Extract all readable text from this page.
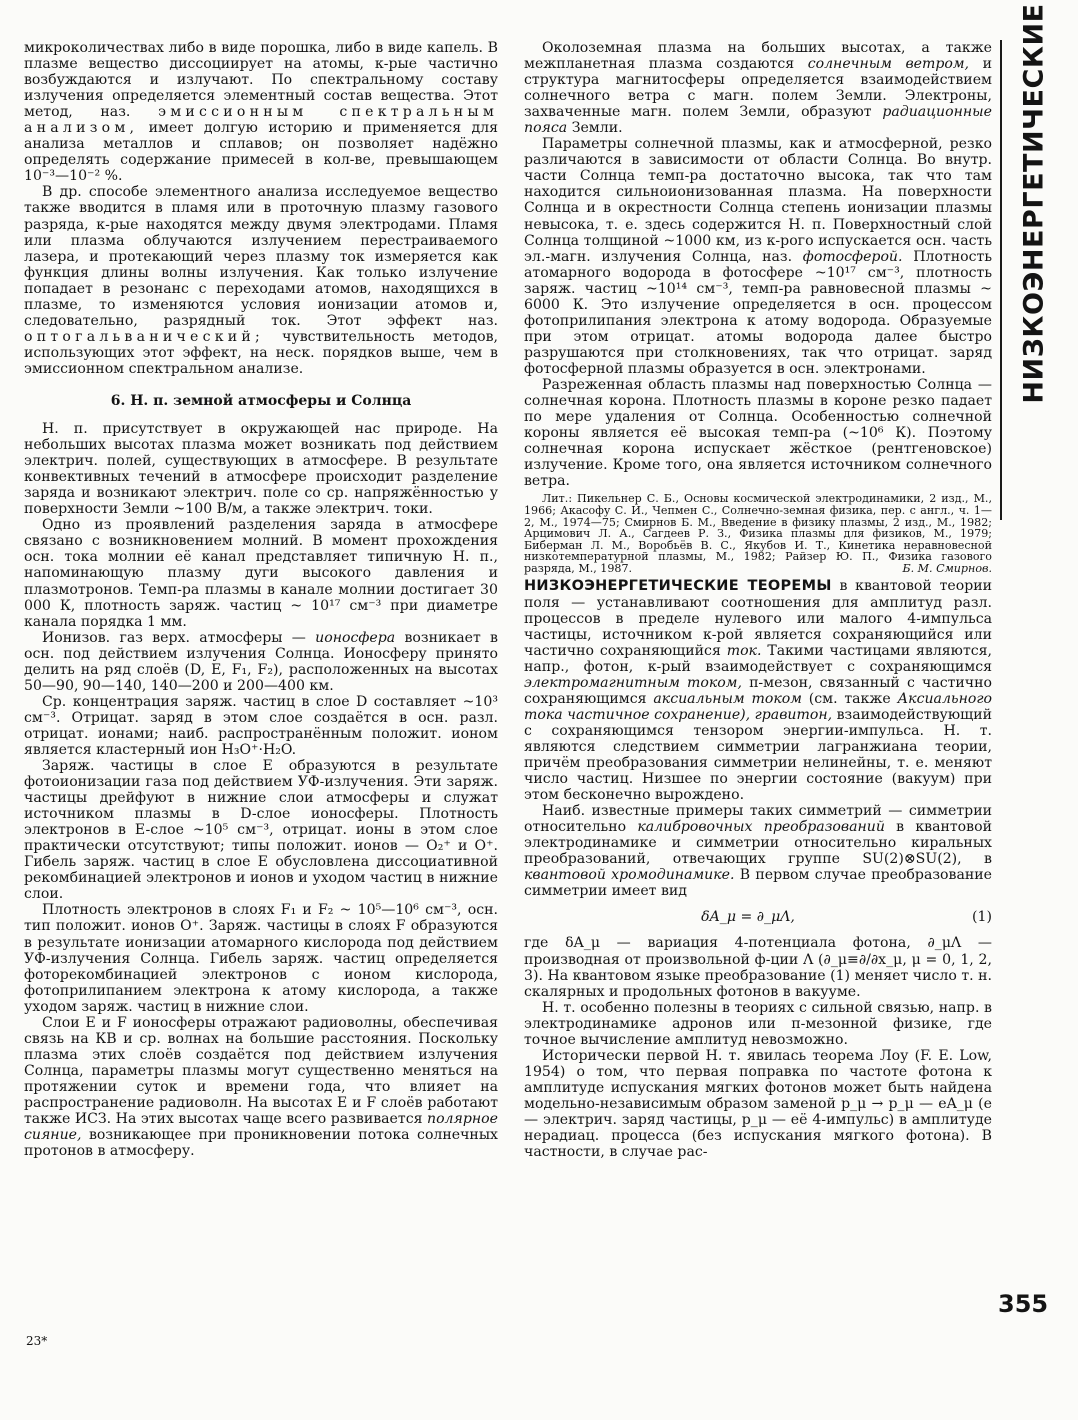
микроколичествах либо в виде порошка, либо в виде капель. В плазме вещество диссоциирует на атомы, к-рые частично возбуждаются и излучают. По спектральному составу излучения определяется элементный состав вещества. Этот метод, наз. эмиссионным спектральным анализом, имеет долгую историю и применяется для анализа металлов и сплавов; он позволяет надёжно определять содержание примесей в кол-ве, превышающем 10⁻³—10⁻² %.

В др. способе элементного анализа исследуемое вещество также вводится в пламя или в проточную плазму газового разряда, к-рые находятся между двумя электродами. Пламя или плазма облучаются излучением перестраиваемого лазера, и протекающий через плазму ток измеряется как функция длины волны излучения. Как только излучение попадает в резонанс с переходами атомов, находящихся в плазме, то изменяются условия ионизации атомов и, следовательно, разрядный ток. Этот эффект наз. оптогальванический; чувствительность методов, использующих этот эффект, на неск. порядков выше, чем в эмиссионном спектральном анализе.

6. Н. п. земной атмосферы и Солнца

Н. п. присутствует в окружающей нас природе. На небольших высотах плазма может возникать под действием электрич. полей, существующих в атмосфере. В результате конвективных течений в атмосфере происходит разделение заряда и возникают электрич. поле со ср. напряжённостью у поверхности Земли ~100 В/м, а также электрич. токи.

Одно из проявлений разделения заряда в атмосфере связано с возникновением молний. В момент прохождения осн. тока молнии её канал представляет типичную Н. п., напоминающую плазму дуги высокого давления и плазмотронов. Темп-ра плазмы в канале молнии достигает 30 000 К, плотность заряж. частиц ~ 10¹⁷ см⁻³ при диаметре канала порядка 1 мм.

Ионизов. газ верх. атмосферы — ионосфера возникает в осн. под действием излучения Солнца. Ионосферу принято делить на ряд слоёв (D, E, F₁, F₂), расположенных на высотах 50—90, 90—140, 140—200 и 200—400 км.

Ср. концентрация заряж. частиц в слое D составляет ~10³ см⁻³. Отрицат. заряд в этом слое создаётся в осн. разл. отрицат. ионами; наиб. распространённым положит. ионом является кластерный ион H₃O⁺·H₂O.

Заряж. частицы в слое E образуются в результате фотоионизации газа под действием УФ-излучения. Эти заряж. частицы дрейфуют в нижние слои атмосферы и служат источником плазмы в D-слое ионосферы. Плотность электронов в E-слое ~10⁵ см⁻³, отрицат. ионы в этом слое практически отсутствуют; типы положит. ионов — O₂⁺ и O⁺. Гибель заряж. частиц в слое E обусловлена диссоциативной рекомбинацией электронов и ионов и уходом частиц в нижние слои.

Плотность электронов в слоях F₁ и F₂ ~ 10⁵—10⁶ см⁻³, осн. тип положит. ионов O⁺. Заряж. частицы в слоях F образуются в результате ионизации атомарного кислорода под действием УФ-излучения Солнца. Гибель заряж. частиц определяется фоторекомбинацией электронов с ионом кислорода, фотоприлипанием электрона к атому кислорода, а также уходом заряж. частиц в нижние слои.

Слои E и F ионосферы отражают радиоволны, обеспечивая связь на КВ и ср. волнах на большие расстояния. Поскольку плазма этих слоёв создаётся под действием излучения Солнца, параметры плазмы могут существенно меняться на протяжении суток и времени года, что влияет на распространение радиоволн. На высотах E и F слоёв работают также ИСЗ. На этих высотах чаще всего развивается полярное сияние, возникающее при проникновении потока солнечных протонов в атмосферу.

Околоземная плазма на больших высотах, а также межпланетная плазма создаются солнечным ветром, и структура магнитосферы определяется взаимодействием солнечного ветра с магн. полем Земли. Электроны, захваченные магн. полем Земли, образуют радиационные пояса Земли.

Параметры солнечной плазмы, как и атмосферной, резко различаются в зависимости от области Солнца. Во внутр. части Солнца темп-ра достаточно высока, так что там находится сильноионизованная плазма. На поверхности Солнца и в окрестности Солнца степень ионизации плазмы невысока, т. е. здесь содержится Н. п. Поверхностный слой Солнца толщиной ~1000 км, из к-рого испускается осн. часть эл.-магн. излучения Солнца, наз. фотосферой. Плотность атомарного водорода в фотосфере ~10¹⁷ см⁻³, плотность заряж. частиц ~10¹⁴ см⁻³, темп-ра равновесной плазмы ~ 6000 К. Это излучение определяется в осн. процессом фотоприлипания электрона к атому водорода. Образуемые при этом отрицат. атомы водорода далее быстро разрушаются при столкновениях, так что отрицат. заряд фотосферной плазмы образуется в осн. электронами.

Разреженная область плазмы над поверхностью Солнца — солнечная корона. Плотность плазмы в короне резко падает по мере удаления от Солнца. Особенностью солнечной короны является её высокая темп-ра (~10⁶ К). Поэтому солнечная корона испускает жёсткое (рентгеновское) излучение. Кроме того, она является источником солнечного ветра.

Лит.: Пикельнер С. Б., Основы космической электродинамики, 2 изд., М., 1966; Акасофу С. И., Чепмен С., Солнечно-земная физика, пер. с англ., ч. 1—2, М., 1974—75; Смирнов Б. М., Введение в физику плазмы, 2 изд., М., 1982; Арцимович Л. А., Сагдеев Р. З., Физика плазмы для физиков, М., 1979; Биберман Л. М., Воробьёв В. С., Якубов И. Т., Кинетика неравновесной низкотемпературной плазмы, М., 1982; Райзер Ю. П., Физика газового разряда, М., 1987.	Б. М. Смирнов.

НИЗКОЭНЕРГЕТИЧЕСКИЕ ТЕОРЕМЫ в квантовой теории поля — устанавливают соотношения для амплитуд разл. процессов в пределе нулевого или малого 4-импульса частицы, источником к-рой является сохраняющийся или частично сохраняющийся ток. Такими частицами являются, напр., фотон, к-рый взаимодействует с сохраняющимся электромагнитным током, π-мезон, связанный с частично сохраняющимся аксиальным током (см. также Аксиального тока частичное сохранение), гравитон, взаимодействующий с сохраняющимся тензором энергии-импульса. Н. т. являются следствием симметрии лагранжиана теории, причём преобразования симметрии нелинейны, т. е. меняют число частиц. Низшее по энергии состояние (вакуум) при этом бесконечно вырождено.

Наиб. известные примеры таких симметрий — симметрии относительно калибровочных преобразований в квантовой электродинамике и симметрии относительно киральных преобразований, отвечающих группе SU(2)⊗SU(2), в квантовой хромодинамике. В первом случае преобразование симметрии имеет вид

δA_μ = ∂_μΛ,	(1)

где δA_μ — вариация 4-потенциала фотона, ∂_μΛ — производная от произвольной ф-ции Λ (∂_μ≡∂/∂x_μ, μ = 0, 1, 2, 3). На квантовом языке преобразование (1) меняет число т. н. скалярных и продольных фотонов в вакууме.

Н. т. особенно полезны в теориях с сильной связью, напр. в электродинамике адронов или π-мезонной физике, где точное вычисление амплитуд невозможно.

Исторически первой Н. т. явилась теорема Лоу (F. E. Low, 1954) о том, что первая поправка по частоте фотона к амплитуде испускания мягких фотонов может быть найдена модельно-независимым образом заменой p_μ → p_μ — eA_μ (e — электрич. заряд частицы, p_μ — её 4-импульс) в амплитуде нерадиац. процесса (без испускания мягкого фотона). В частности, в случае рас-

НИЗКОЭНЕРГЕТИЧЕСКИЕ
355
23*
